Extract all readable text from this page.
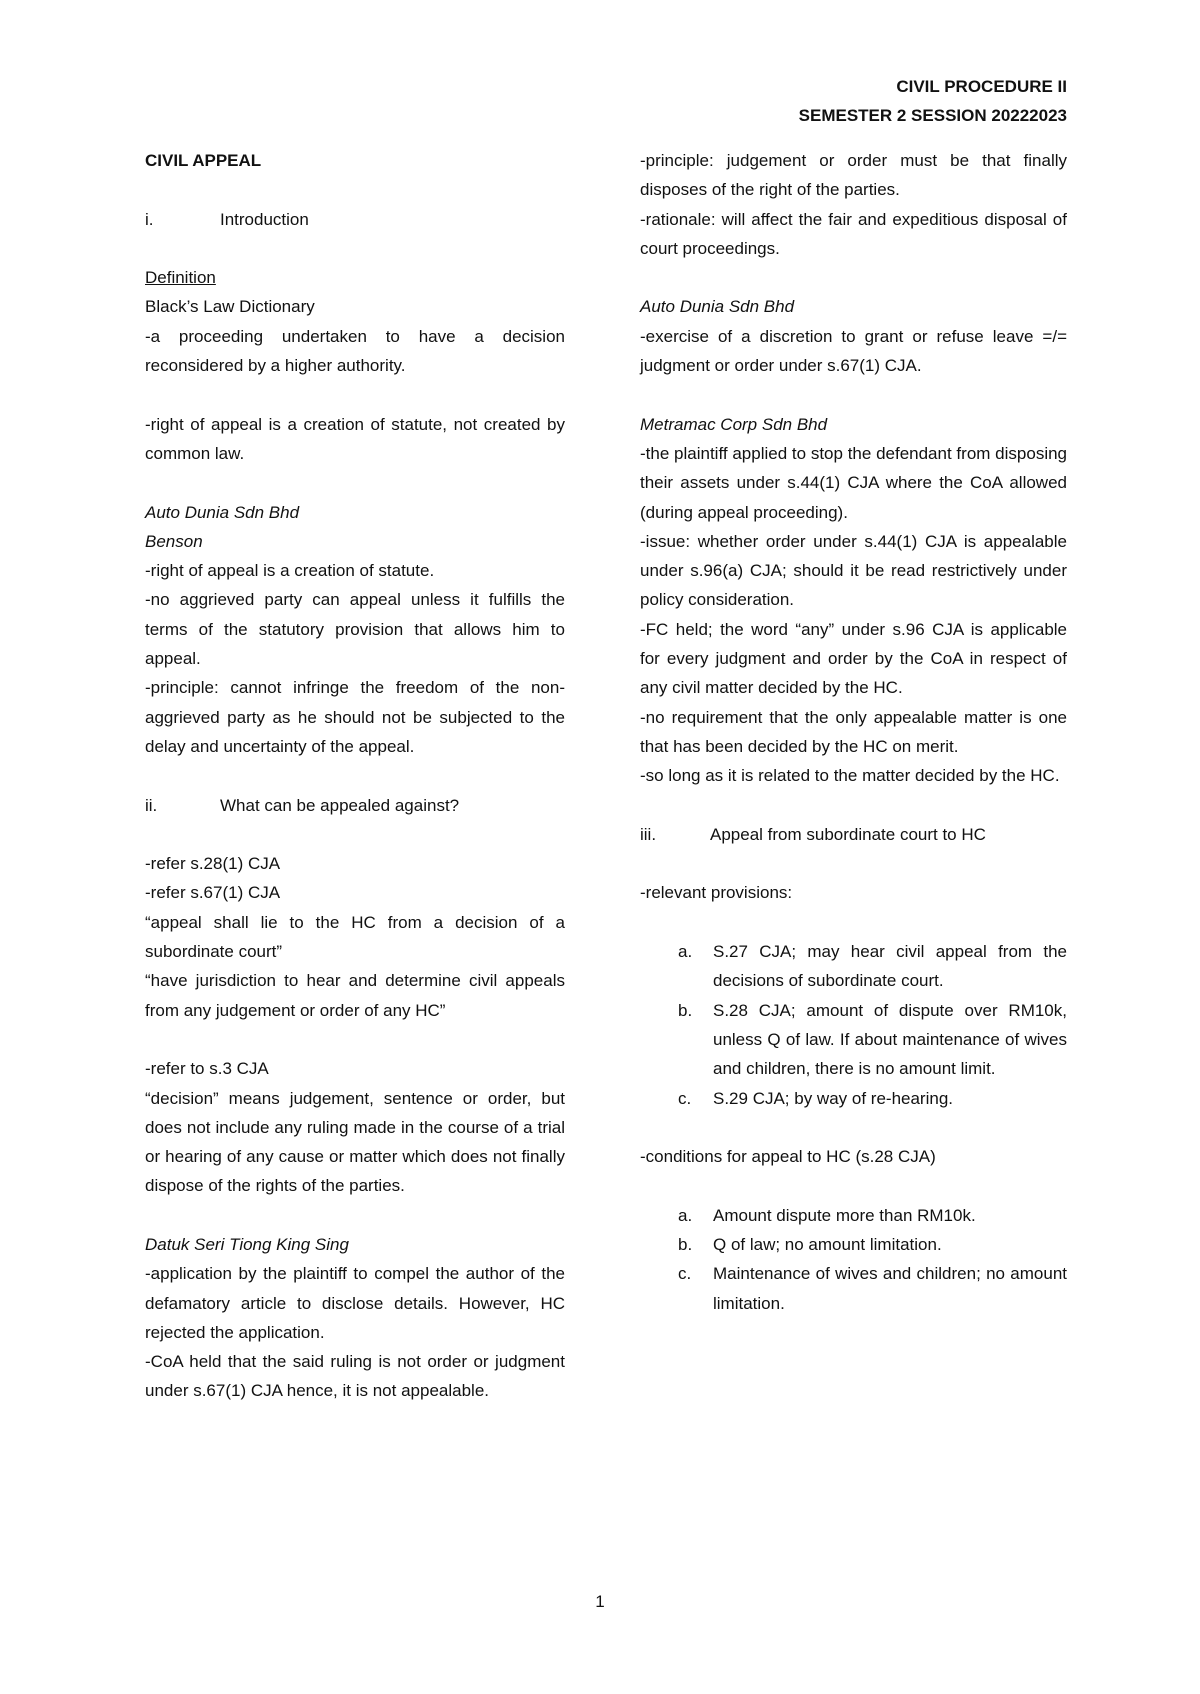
CIVIL PROCEDURE II
SEMESTER 2 SESSION 20222023

CIVIL APPEAL

i.	Introduction

Definition

Black’s Law Dictionary

-a proceeding undertaken to have a decision reconsidered by a higher authority.

-right of appeal is a creation of statute, not created by common law.

Auto Dunia Sdn Bhd

Benson

-right of appeal is a creation of statute.

-no aggrieved party can appeal unless it fulfills the terms of the statutory provision that allows him to appeal.

-principle: cannot infringe the freedom of the non-aggrieved party as he should not be subjected to the delay and uncertainty of the appeal.

ii.	What can be appealed against?

-refer s.28(1) CJA

-refer s.67(1) CJA

“appeal shall lie to the HC from a decision of a subordinate court”

“have jurisdiction to hear and determine civil appeals from any judgement or order of any HC”

-refer to s.3 CJA

“decision” means judgement, sentence or order, but does not include any ruling made in the course of a trial or hearing of any cause or matter which does not finally dispose of the rights of the parties.

Datuk Seri Tiong King Sing

-application by the plaintiff to compel the author of the defamatory article to disclose details. However, HC rejected the application.

-CoA held that the said ruling is not order or judgment under s.67(1) CJA hence, it is not appealable.

-principle: judgement or order must be that finally disposes of the right of the parties.

-rationale: will affect the fair and expeditious disposal of court proceedings.

Auto Dunia Sdn Bhd

-exercise of a discretion to grant or refuse leave =/= judgment or order under s.67(1) CJA.

Metramac Corp Sdn Bhd

-the plaintiff applied to stop the defendant from disposing their assets under s.44(1) CJA where the CoA allowed (during appeal proceeding).

-issue: whether order under s.44(1) CJA is appealable under s.96(a) CJA; should it be read restrictively under policy consideration.

-FC held; the word “any” under s.96 CJA is applicable for every judgment and order by the CoA in respect of any civil matter decided by the HC.

-no requirement that the only appealable matter is one that has been decided by the HC on merit.

-so long as it is related to the matter decided by the HC.

iii.	Appeal from subordinate court to HC

-relevant provisions:

a.	S.27 CJA; may hear civil appeal from the decisions of subordinate court.
b.	S.28 CJA; amount of dispute over RM10k, unless Q of law. If about maintenance of wives and children, there is no amount limit.
c.	S.29 CJA; by way of re-hearing.

-conditions for appeal to HC (s.28 CJA)

a.	Amount dispute more than RM10k.
b.	Q of law; no amount limitation.
c.	Maintenance of wives and children; no amount limitation.
1
